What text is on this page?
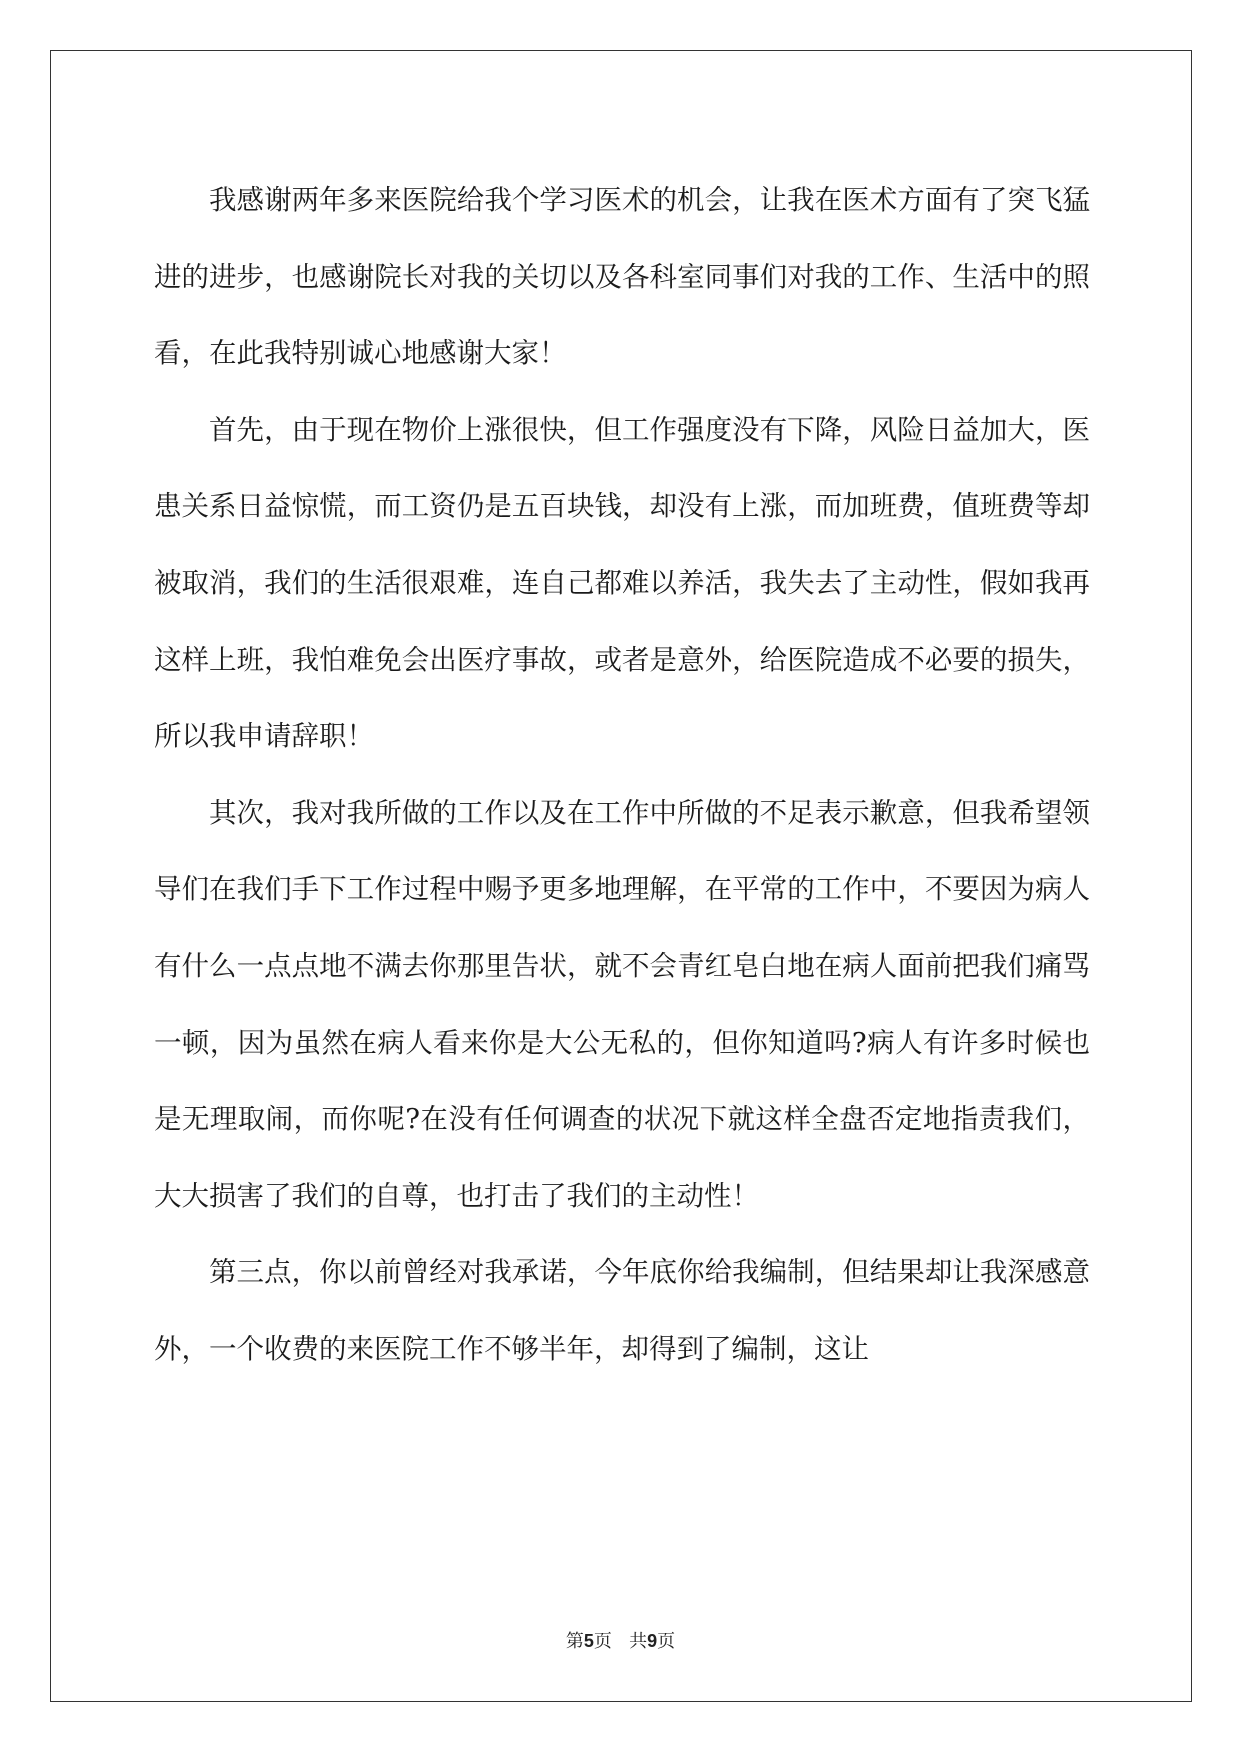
我感谢两年多来医院给我个学习医术的机会，让我在医术方面有了突飞猛进的进步，也感谢院长对我的关切以及各科室同事们对我的工作、生活中的照看，在此我特别诚心地感谢大家！

首先，由于现在物价上涨很快，但工作强度没有下降，风险日益加大，医患关系日益惊慌，而工资仍是五百块钱，却没有上涨，而加班费，值班费等却被取消，我们的生活很艰难，连自己都难以养活，我失去了主动性，假如我再这样上班，我怕难免会出医疗事故，或者是意外，给医院造成不必要的损失，所以我申请辞职！

其次，我对我所做的工作以及在工作中所做的不足表示歉意，但我希望领导们在我们手下工作过程中赐予更多地理解，在平常的工作中，不要因为病人有什么一点点地不满去你那里告状，就不会青红皂白地在病人面前把我们痛骂一顿，因为虽然在病人看来你是大公无私的，但你知道吗?病人有许多时候也是无理取闹，而你呢?在没有任何调查的状况下就这样全盘否定地指责我们，大大损害了我们的自尊，也打击了我们的主动性！

第三点，你以前曾经对我承诺，今年底你给我编制，但结果却让我深感意外，一个收费的来医院工作不够半年，却得到了编制，这让

第5页 共9页
